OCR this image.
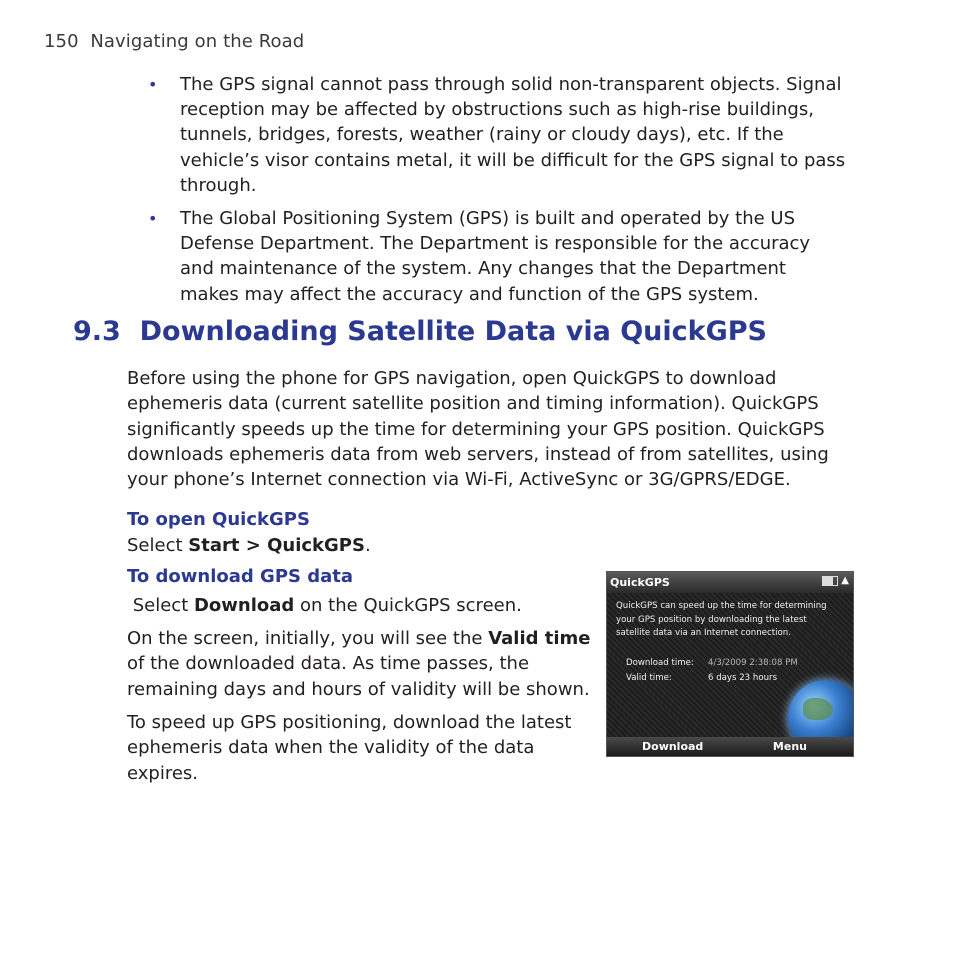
150 Navigating on the Road
• The GPS signal cannot pass through solid non-transparent objects. Signal reception may be affected by obstructions such as high-rise buildings, tunnels, bridges, forests, weather (rainy or cloudy days), etc. If the vehicle’s visor contains metal, it will be difficult for the GPS signal to pass through.
• The Global Positioning System (GPS) is built and operated by the US Defense Department. The Department is responsible for the accuracy and maintenance of the system. Any changes that the Department makes may affect the accuracy and function of the GPS system.
9.3  Downloading Satellite Data via QuickGPS
Before using the phone for GPS navigation, open QuickGPS to download ephemeris data (current satellite position and timing information). QuickGPS significantly speeds up the time for determining your GPS position. QuickGPS downloads ephemeris data from web servers, instead of from satellites, using your phone’s Internet connection via Wi-Fi, ActiveSync or 3G/GPRS/EDGE.
To open QuickGPS
Select Start > QuickGPS.
To download GPS data
Select Download on the QuickGPS screen.
On the screen, initially, you will see the Valid time of the downloaded data. As time passes, the remaining days and hours of validity will be shown.
To speed up GPS positioning, download the latest ephemeris data when the validity of the data expires.
QuickGPS	▲
QuickGPS can speed up the time for determining your GPS position by downloading the latest satellite data via an Internet connection.
Download time: 4/3/2009 2:38:08 PM
Valid time:	6 days 23 hours
Download	Menu
